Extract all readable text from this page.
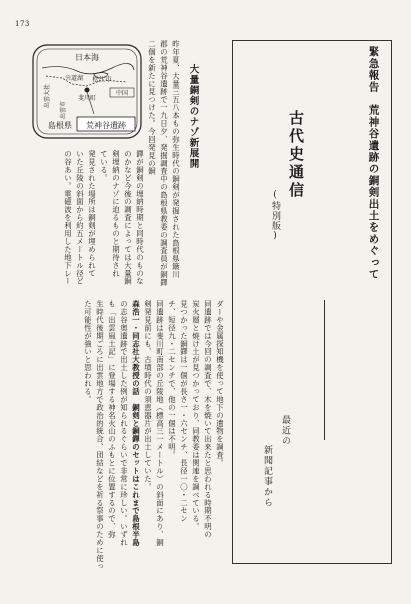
173
日本海
松江市
宍道湖
中国
出雲大社	斐川町
出雲市
島根県 荒神谷遺跡	大量銅剣のナゾ新展開
昨年夏、大量三五八本もの弥生時代の銅剣が発掘された島根県簸川
郡の荒神谷遺跡で一九日夕、発掘調査中の島根県教委の調査員が銅鐸
二個を新たに見つけた。今回発見の銅
鐸が銅剣の埋納時期と同時代のものな
のかなど今後の調査によっては大量銅
剣埋納のナゾに迫るものと期待され
ている。
発見された場所は銅剣が埋められて
いた丘陵の斜面から約五メートル径ど
の谷あい。電磁波を利用した地下レー	緊急報告　荒神谷遺跡の銅剣出土をめぐって
古代史通信
(特別版)
最近の
新聞記事から
ダーや金属探知機を使って地下の遺物を調査。
同遺跡では今回の調査で、木を焼いて出来たと思われる時期不明の
炭火層と焼け土が見つかっており、同教委は関連を調べている。
見つかった銅鐸は一個が長さ一・六センチ、長径一〇・二セン
チ、短径九・二センチで、他の一個は不明。
同遺跡は斐川町南部の丘陵地（標高三一メートル）の斜面にあり、銅
剣発見前にも、古墳時代の須恵器片が出土していた。
森浩一・同志社大教授の話　銅剣と銅鐸のセットはこれまで島根半島
の志谷奥遺跡で出土した例が知られるぐらいで非常に珍しい。いずれ
も「出雲風土記」に登場する神名火山のふもとに位置するので、弥
生時代後期ごろに出雲地方で政治的統合、団結などを祈る祭事のために使っ
た可能性が強いと思われる。
